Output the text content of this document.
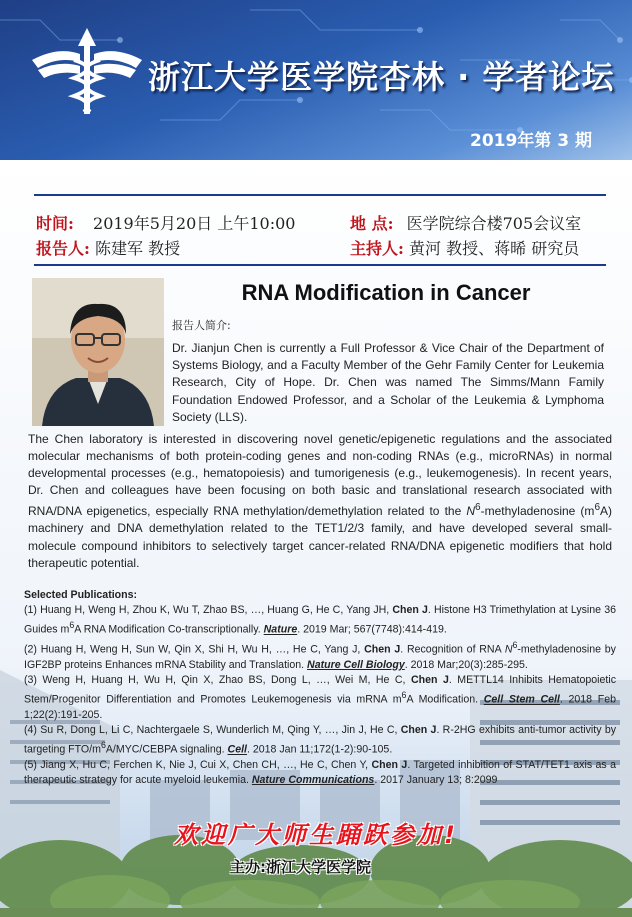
浙江大学医学院杏林 · 学者论坛
2019年第 3 期
时间: 2019年5月20日 上午10:00	地 点: 医学院综合楼705会议室
报告人: 陈建军 教授	主持人: 黄河 教授、蒋晞 研究员
RNA Modification in Cancer
报告人简介:
Dr. Jianjun Chen is currently a Full Professor & Vice Chair of the Department of Systems Biology, and a Faculty Member of the Gehr Family Center for Leukemia Research, City of Hope. Dr. Chen was named The Simms/Mann Family Foundation Endowed Professor, and a Scholar of the Leukemia & Lymphoma Society (LLS).
The Chen laboratory is interested in discovering novel genetic/epigenetic regulations and the associated molecular mechanisms of both protein-coding genes and non-coding RNAs (e.g., microRNAs) in normal developmental processes (e.g., hematopoiesis) and tumorigenesis (e.g., leukemogenesis). In recent years, Dr. Chen and colleagues have been focusing on both basic and translational research associated with RNA/DNA epigenetics, especially RNA methylation/demethylation related to the $N^6$-methyladenosine $(m^6A)$ machinery and DNA demethylation related to the TET1/2/3 family, and have developed several small-molecule compound inhibitors to selectively target cancer-related RNA/DNA epigenetic modifiers that hold therapeutic potential.

Selected Publications:

(1) Huang H, Weng H, Zhou K, Wu T, Zhao BS, …, Huang G, He C, Yang JH, Chen J. Histone H3 Trimethylation at Lysine 36 Guides $m^6A$ RNA Modification Co-transcriptionally. Nature. 2019 Mar; 567(7748):414-419.

(2) Huang H, Weng H, Sun W, Qin X, Shi H, Wu H, …, He C, Yang J, Chen J. Recognition of RNA $N^6$-methyladenosine by IGF2BP proteins Enhances mRNA Stability and Translation. Nature Cell Biology. 2018 Mar;20(3):285-295.

(3) Weng H, Huang H, Wu H, Qin X, Zhao BS, Dong L, …, Wei M, He C, Chen J. METTL14 Inhibits Hematopoietic Stem/Progenitor Differentiation and Promotes Leukemogenesis via mRNA $m^6A$ Modification. Cell Stem Cell. 2018 Feb 1;22(2):191-205.

(4) Su R, Dong L, Li C, Nachtergaele S, Wunderlich M, Qing Y, …, Jin J, He C, Chen J. R-2HG exhibits anti-tumor activity by targeting FTO/$m^6A/MYC$/CEBPA signaling. Cell. 2018 Jan 11;172(1-2):90-105.

(5) Jiang X, Hu C, Ferchen K, Nie J, Cui X, Chen CH, …, He C, Chen Y, Chen J. Targeted inhibition of STAT/TET1 axis as a therapeutic strategy for acute myeloid leukemia. Nature Communications. 2017 January 13; 8:2099

欢迎广大师生踊跃参加!
主办:浙江大学医学院
